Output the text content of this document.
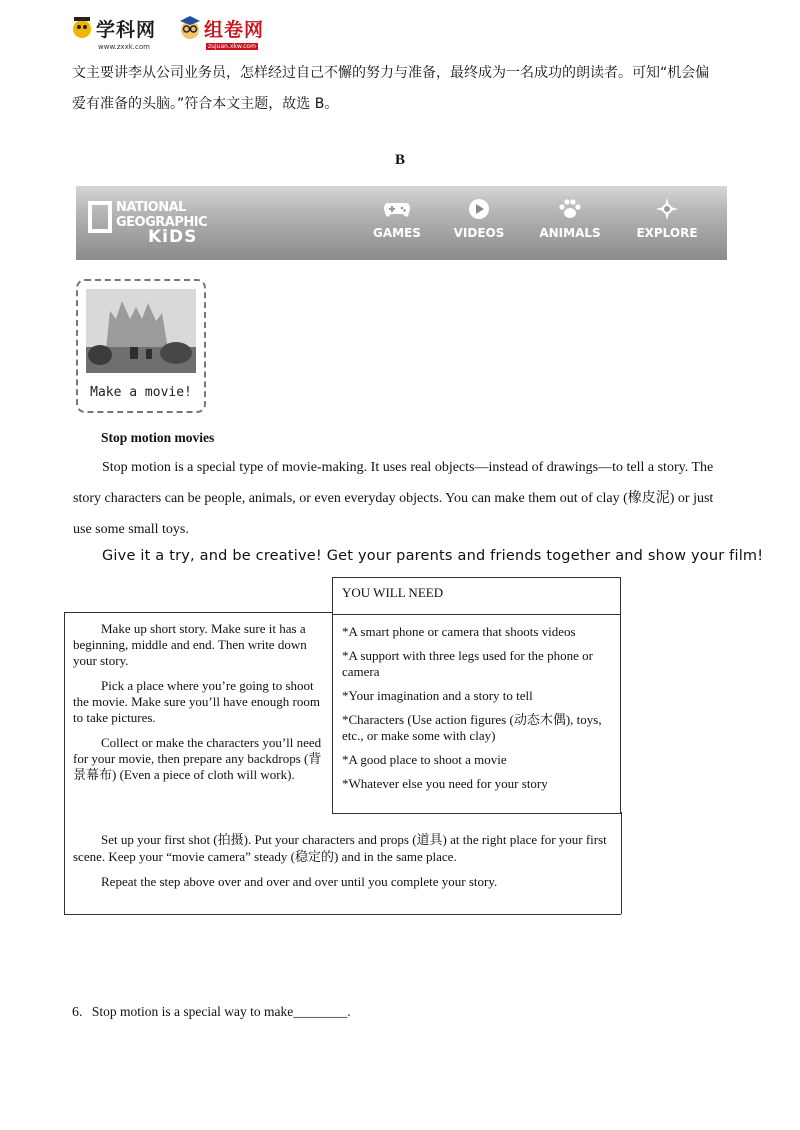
学科网
www.zxxk.com
组卷网
zujuan.xkw.com
文主要讲李从公司业务员，怎样经过自己不懈的努力与准备，最终成为一名成功的朗读者。可知“机会偏
爱有准备的头脑。”符合本文主题，故选 B。
B
NATIONAL
GEOGRAPHIC
KiDS	GAMES	VIDEOS	ANIMALS	EXPLORE
Make a movie!
Stop motion movies
Stop motion is a special type of movie-making. It uses real objects—instead of drawings—to tell a story. The
story characters can be people, animals, or even everyday objects. You can make them out of clay (橡皮泥) or just
use some small toys.
Give it a try, and be creative! Get your parents and friends together and show your film!

Make up short story. Make sure it has a beginning, middle and end. Then write down your story.

Pick a place where you’re going to shoot the movie. Make sure you’ll have enough room to take pictures.

Collect or make the characters you’ll need for your movie, then prepare any backdrops (背景幕布) (Even a piece of cloth will work).

Set up your first shot (拍摄). Put your characters and props (道具) at the right place for your first scene. Keep your “movie camera” steady (稳定的) and in the same place.

Repeat the step above over and over and over until you complete your story.

YOU WILL NEED
*A smart phone or camera that shoots videos
*A support with three legs used for the phone or camera
*Your imagination and a story to tell
*Characters (Use action figures (动态木偶), toys, etc., or make some with clay)
*A good place to shoot a movie
*Whatever else you need for your story
6. Stop motion is a special way to make________.
